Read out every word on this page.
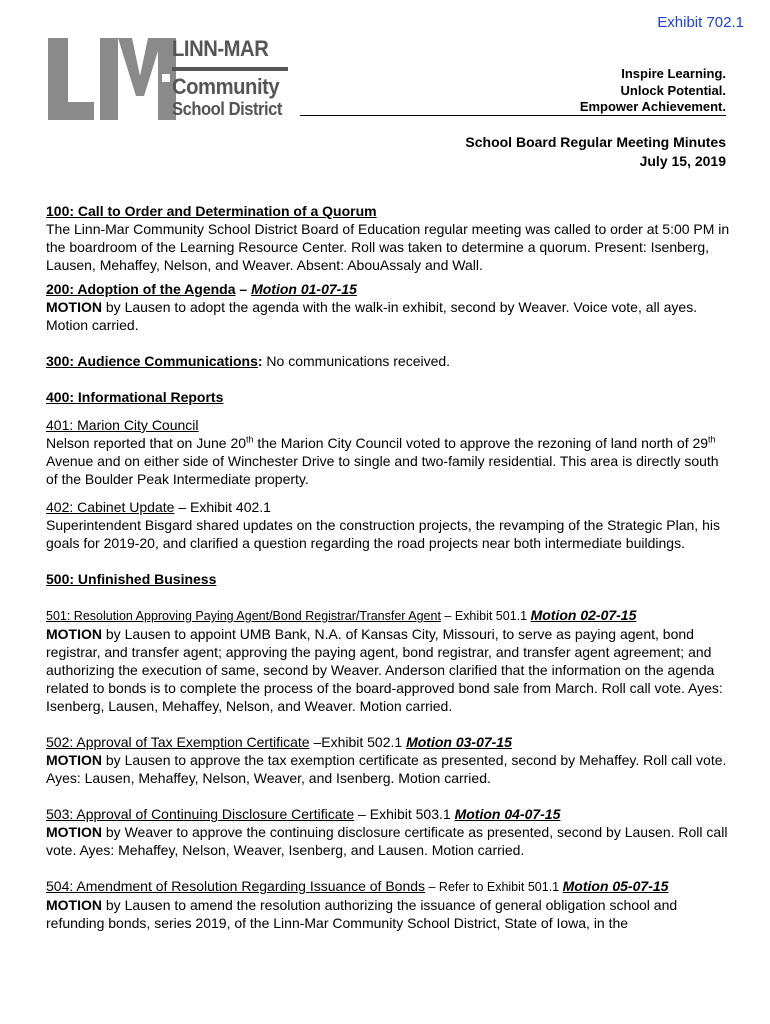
Exhibit 702.1
LINN-MAR
Community
School District
Inspire Learning.
Unlock Potential.
Empower Achievement.
School Board Regular Meeting Minutes
July 15, 2019

100: Call to Order and Determination of a Quorum

The Linn-Mar Community School District Board of Education regular meeting was called to order at 5:00 PM in the boardroom of the Learning Resource Center. Roll was taken to determine a quorum. Present: Isenberg, Lausen, Mehaffey, Nelson, and Weaver. Absent: AbouAssaly and Wall.

200: Adoption of the Agenda – Motion 01-07-15

MOTION by Lausen to adopt the agenda with the walk-in exhibit, second by Weaver. Voice vote, all ayes. Motion carried.

300: Audience Communications: No communications received.

400: Informational Reports

401: Marion City Council

Nelson reported that on June 20th the Marion City Council voted to approve the rezoning of land north of 29th Avenue and on either side of Winchester Drive to single and two-family residential. This area is directly south of the Boulder Peak Intermediate property.

402: Cabinet Update – Exhibit 402.1

Superintendent Bisgard shared updates on the construction projects, the revamping of the Strategic Plan, his goals for 2019-20, and clarified a question regarding the road projects near both intermediate buildings.

500: Unfinished Business

501: Resolution Approving Paying Agent/Bond Registrar/Transfer Agent – Exhibit 501.1 Motion 02-07-15

MOTION by Lausen to appoint UMB Bank, N.A. of Kansas City, Missouri, to serve as paying agent, bond registrar, and transfer agent; approving the paying agent, bond registrar, and transfer agent agreement; and authorizing the execution of same, second by Weaver. Anderson clarified that the information on the agenda related to bonds is to complete the process of the board-approved bond sale from March. Roll call vote. Ayes: Isenberg, Lausen, Mehaffey, Nelson, and Weaver. Motion carried.

502: Approval of Tax Exemption Certificate –Exhibit 502.1 Motion 03-07-15

MOTION by Lausen to approve the tax exemption certificate as presented, second by Mehaffey. Roll call vote. Ayes: Lausen, Mehaffey, Nelson, Weaver, and Isenberg. Motion carried.

503: Approval of Continuing Disclosure Certificate – Exhibit 503.1 Motion 04-07-15

MOTION by Weaver to approve the continuing disclosure certificate as presented, second by Lausen. Roll call vote. Ayes: Mehaffey, Nelson, Weaver, Isenberg, and Lausen. Motion carried.

504: Amendment of Resolution Regarding Issuance of Bonds – Refer to Exhibit 501.1 Motion 05-07-15

MOTION by Lausen to amend the resolution authorizing the issuance of general obligation school and refunding bonds, series 2019, of the Linn-Mar Community School District, State of Iowa, in the
